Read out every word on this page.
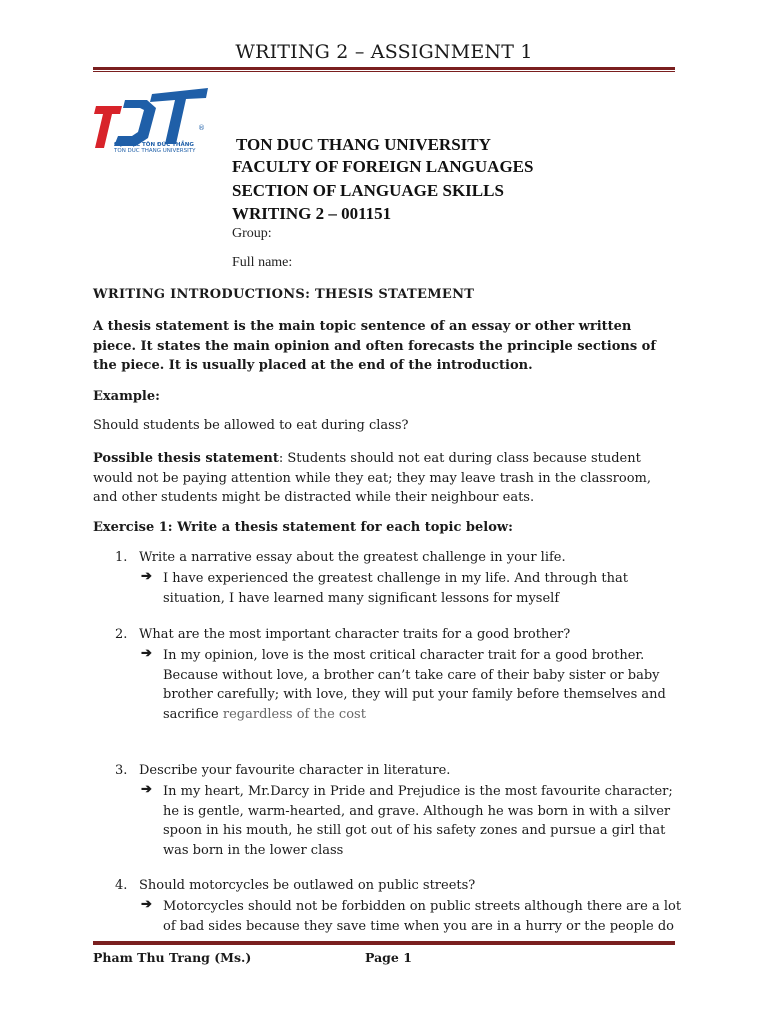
WRITING 2 – ASSIGNMENT 1
®
ĐẠI HỌC TÔN ĐỨC THẮNG
TON DUC THANG UNIVERSITY TON DUC THANG UNIVERSITY
FACULTY OF FOREIGN LANGUAGES
SECTION OF LANGUAGE SKILLS
WRITING 2 – 001151
Group:
Full name:
WRITING INTRODUCTIONS: THESIS STATEMENT
A thesis statement is the main topic sentence of an essay or other written piece. It states the main opinion and often forecasts the principle sections of the piece. It is usually placed at the end of the introduction.
Example:
Should students be allowed to eat during class?
Possible thesis statement: Students should not eat during class because student would not be paying attention while they eat; they may leave trash in the classroom, and other students might be distracted while their neighbour eats.
Exercise 1: Write a thesis statement for each topic below:
1. Write a narrative essay about the greatest challenge in your life.
➔ I have experienced the greatest challenge in my life. And through that situation, I have learned many significant lessons for myself
2. What are the most important character traits for a good brother?
➔ In my opinion, love is the most critical character trait for a good brother. Because without love, a brother can’t take care of their baby sister or baby brother carefully; with love, they will put your family before themselves and sacrifice regardless of the cost
3. Describe your favourite character in literature.
➔ In my heart, Mr.Darcy in Pride and Prejudice is the most favourite character; he is gentle, warm-hearted, and grave. Although he was born in with a silver spoon in his mouth, he still got out of his safety zones and pursue a girl that was born in the lower class
4. Should motorcycles be outlawed on public streets?
➔ Motorcycles should not be forbidden on public streets although there are a lot of bad sides because they save time when you are in a hurry or the people do
Pham Thu Trang (Ms.)	Page 1
